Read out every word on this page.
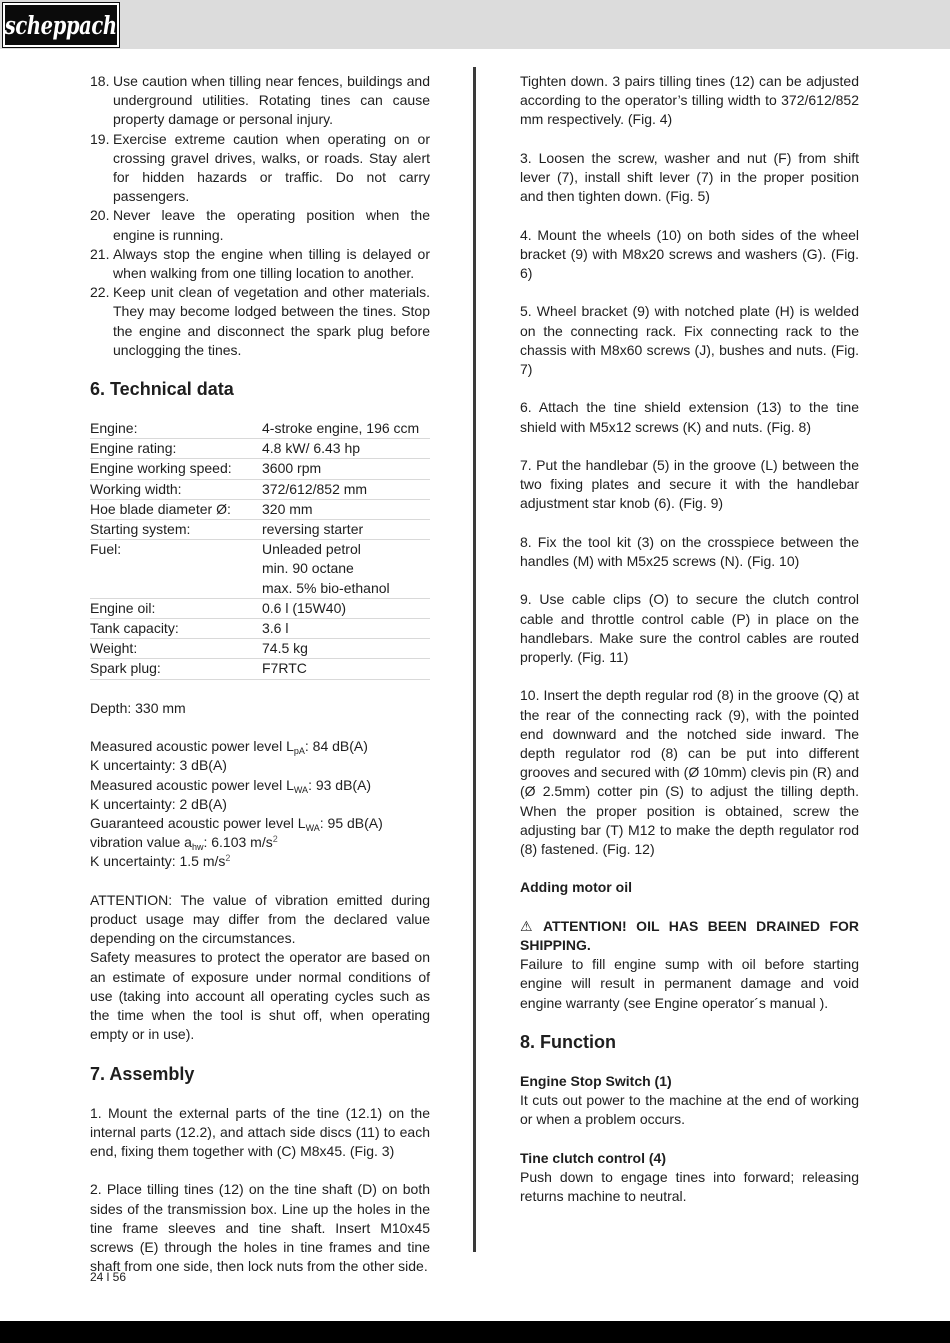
scheppach
18. Use caution when tilling near fences, buildings and underground utilities. Rotating tines can cause property damage or personal injury.
19. Exercise extreme caution when operating on or crossing gravel drives, walks, or roads. Stay alert for hidden hazards or traffic. Do not carry passengers.
20. Never leave the operating position when the engine is running.
21. Always stop the engine when tilling is delayed or when walking from one tilling location to another.
22. Keep unit clean of vegetation and other materials. They may become lodged between the tines. Stop the engine and disconnect the spark plug before unclogging the tines.
6. Technical data
Engine:	4-stroke engine, 196 ccm
Engine rating:	4.8 kW/ 6.43 hp
Engine working speed:	3600 rpm
Working width:	372/612/852 mm
Hoe blade diameter Ø:	320 mm
Starting system:	reversing starter
Fuel:	Unleaded petrol
min. 90 octane
max. 5% bio-ethanol

Engine oil:	0.6 l (15W40)
Tank capacity:	3.6 l
Weight:	74.5 kg
Spark plug:	F7RTC

Depth: 330 mm

Measured acoustic power level $L_{pA}$: 84 dB(A)

K uncertainty: 3 dB(A)

Measured acoustic power level $L_{WA}$: 93 dB(A)

K uncertainty: 2 dB(A)

Guaranteed acoustic power level $L_{WA}$: 95 dB(A)

vibration value $a_{hw}$: 6.103 $m/s^2$

K uncertainty: 1.5 $m/s^2$

ATTENTION: The value of vibration emitted during product usage may differ from the declared value depending on the circumstances.

Safety measures to protect the operator are based on an estimate of exposure under normal conditions of use (taking into account all operating cycles such as the time when the tool is shut off, when operating empty or in use).

7. Assembly

1. Mount the external parts of the tine (12.1) on the internal parts (12.2), and attach side discs (11) to each end, fixing them together with (C) M8x45. (Fig. 3)

2. Place tilling tines (12) on the tine shaft (D) on both sides of the transmission box. Line up the holes in the tine frame sleeves and tine shaft. Insert M10x45 screws (E) through the holes in tine frames and tine shaft from one side, then lock nuts from the other side.

Tighten down. 3 pairs tilling tines (12) can be adjusted according to the operator’s tilling width to 372/612/852 mm respectively. (Fig. 4)

3. Loosen the screw, washer and nut (F) from shift lever (7), install shift lever (7) in the proper position and then tighten down. (Fig. 5)

4. Mount the wheels (10) on both sides of the wheel bracket (9) with M8x20 screws and washers (G). (Fig. 6)

5. Wheel bracket (9) with notched plate (H) is welded on the connecting rack. Fix connecting rack to the chassis with M8x60 screws (J), bushes and nuts. (Fig. 7)

6. Attach the tine shield extension (13) to the tine shield with M5x12 screws (K) and nuts. (Fig. 8)

7. Put the handlebar (5) in the groove (L) between the two fixing plates and secure it with the handlebar adjustment star knob (6). (Fig. 9)

8. Fix the tool kit (3) on the crosspiece between the handles (M) with M5x25 screws (N). (Fig. 10)

9. Use cable clips (O) to secure the clutch control cable and throttle control cable (P) in place on the handlebars. Make sure the control cables are routed properly. (Fig. 11)

10. Insert the depth regular rod (8) in the groove (Q) at the rear of the connecting rack (9), with the pointed end downward and the notched side inward. The depth regulator rod (8) can be put into different grooves and secured with (Ø 10mm) clevis pin (R) and (Ø 2.5mm) cotter pin (S) to adjust the tilling depth. When the proper position is obtained, screw the adjusting bar (T) M12 to make the depth regulator rod (8) fastened. (Fig. 12)

Adding motor oil

⚠ ATTENTION! OIL HAS BEEN DRAINED FOR SHIPPING.

Failure to fill engine sump with oil before starting engine will result in permanent damage and void engine warranty (see Engine operator´s manual ).

8. Function
Engine Stop Switch (1)

It cuts out power to the machine at the end of working or when a problem occurs.

Tine clutch control (4)

Push down to engage tines into forward; releasing returns machine to neutral.

24 l 56
